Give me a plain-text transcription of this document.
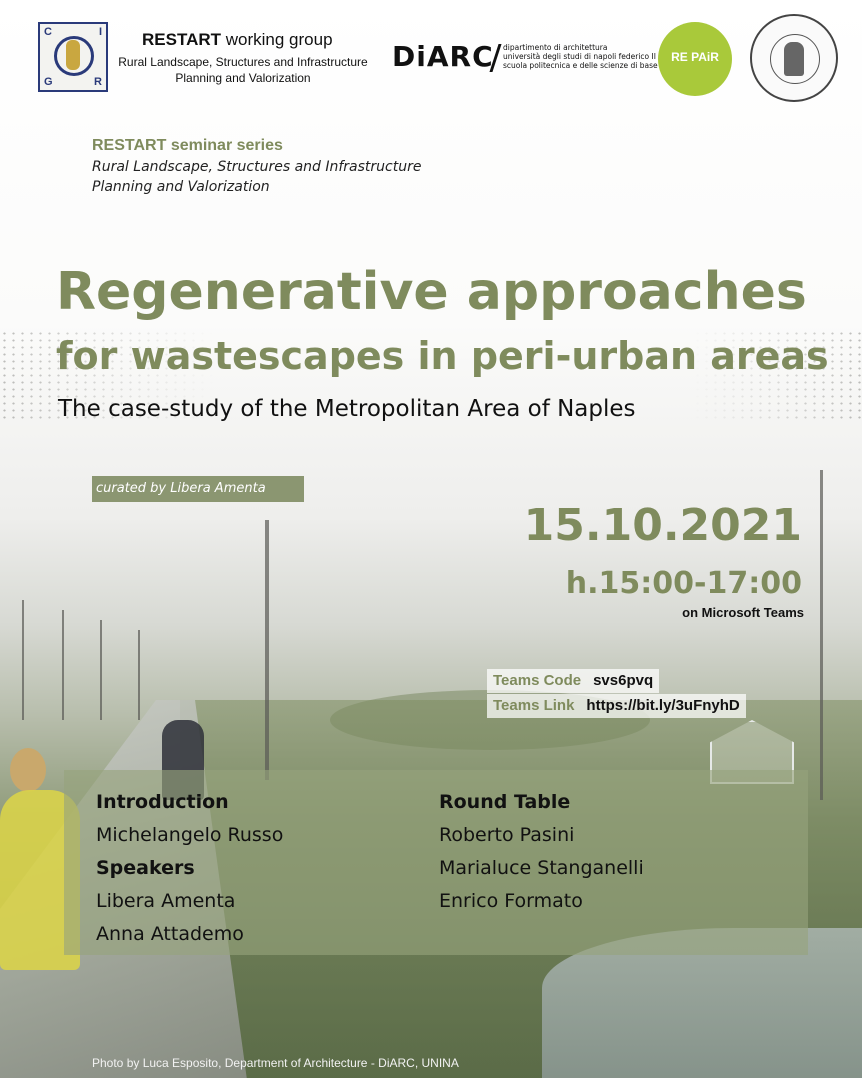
C	I
G	R
RESTART working group
Rural Landscape, Structures and Infrastructure
Planning and Valorization
DiARC dipartimento di architettura
università degli studi di napoli federico II
scuola politecnica e delle scienze di base
RE PAiR
RESTART seminar series
Rural Landscape, Structures and Infrastructure
Planning and Valorization
Regenerative approaches
for wastescapes in peri-urban areas
The case-study of the Metropolitan Area of Naples
curated by Libera Amenta
15.10.2021
h.15:00-17:00
on Microsoft Teams
Teams Code svs6pvq
Teams Link https://bit.ly/3uFnyhD
Introduction
Michelangelo Russo
Speakers
Libera Amenta
Anna Attademo
Round Table
Roberto Pasini
Marialuce Stanganelli
Enrico Formato
Photo by Luca Esposito, Department of Architecture - DiARC, UNINA
